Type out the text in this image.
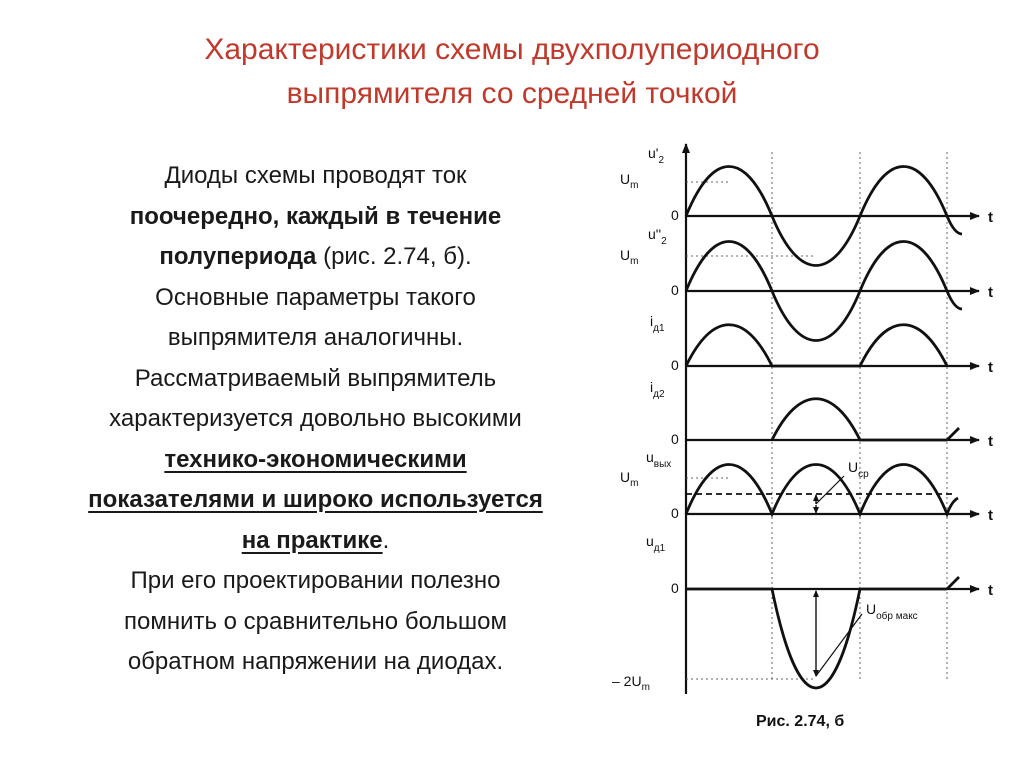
Характеристики схемы двухполупериодного
выпрямителя со средней точкой

Диоды схемы проводят ток
поочередно, каждый в течение
полупериода (рис. 2.74, б).

Основные параметры такого
выпрямителя аналогичны.

Рассматриваемый выпрямитель
характеризуется довольно высокими
технико-экономическими
показателями и широко используется
на практике.

При его проектировании полезно
помнить о сравнительно большом
обратном напряжении на диодах.

$u'_2$
$u''_2$
$i_{д1}$
$i_{д2}$
$u_{вых}$
$u_{д1}$
$U_m$
$U_m$
$U_m$
0
0
0
0
0
0
t
t
t
t
t
t
$U_{ср}$
$U_{обр макс}$
– $2U_m$
Рис. 2.74, б
